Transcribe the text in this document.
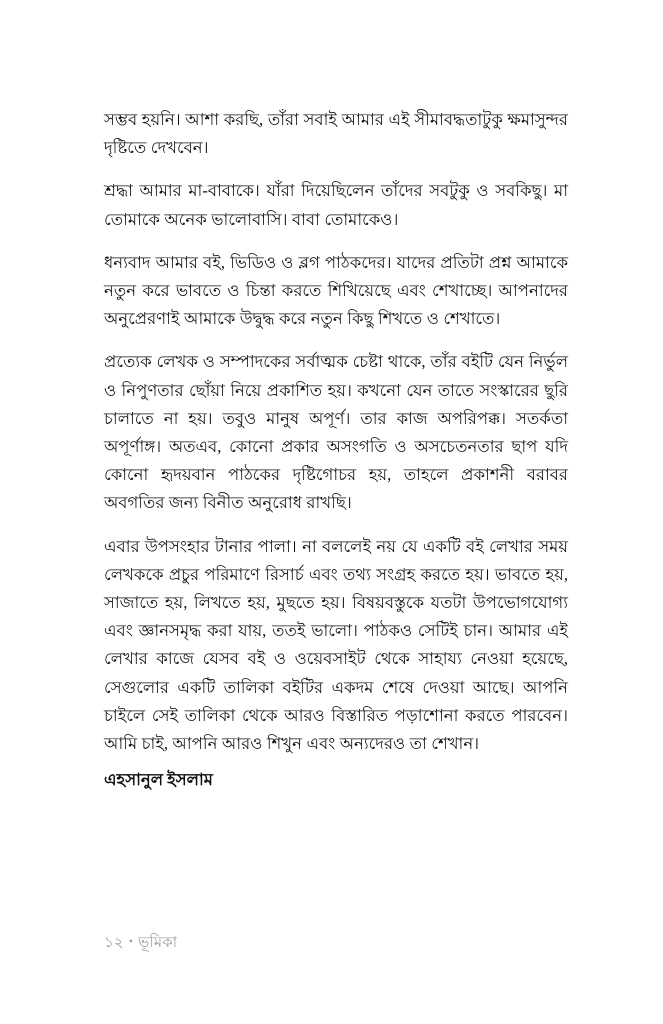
সম্ভব হয়নি। আশা করছি, তাঁরা সবাই আমার এই সীমাবদ্ধতাটুকু ক্ষমাসুন্দর দৃষ্টিতে দেখবেন।

শ্রদ্ধা আমার মা-বাবাকে। যাঁরা দিয়েছিলেন তাঁদের সবটুকু ও সবকিছু। মা তোমাকে অনেক ভালোবাসি। বাবা তোমাকেও।

ধন্যবাদ আমার বই, ভিডিও ও ব্লগ পাঠকদের। যাদের প্রতিটা প্রশ্ন আমাকে নতুন করে ভাবতে ও চিন্তা করতে শিখিয়েছে এবং শেখাচ্ছে। আপনাদের অনুপ্রেরণাই আমাকে উদ্বুদ্ধ করে নতুন কিছু শিখতে ও শেখাতে।

প্রত্যেক লেখক ও সম্পাদকের সর্বাত্মক চেষ্টা থাকে, তাঁর বইটি যেন নির্ভুল ও নিপুণতার ছোঁয়া নিয়ে প্রকাশিত হয়। কখনো যেন তাতে সংস্কারের ছুরি চালাতে না হয়। তবুও মানুষ অপূর্ণ। তার কাজ অপরিপক্ক। সতর্কতা অপূর্ণাঙ্গ। অতএব, কোনো প্রকার অসংগতি ও অসচেতনতার ছাপ যদি কোনো হৃদয়বান পাঠকের দৃষ্টিগোচর হয়, তাহলে প্রকাশনী বরাবর অবগতির জন্য বিনীত অনুরোধ রাখছি।

এবার উপসংহার টানার পালা। না বললেই নয় যে একটি বই লেখার সময় লেখককে প্রচুর পরিমাণে রিসার্চ এবং তথ্য সংগ্রহ করতে হয়। ভাবতে হয়, সাজাতে হয়, লিখতে হয়, মুছতে হয়। বিষয়বস্তুকে যতটা উপভোগযোগ্য এবং জ্ঞানসমৃদ্ধ করা যায়, ততই ভালো। পাঠকও সেটিই চান। আমার এই লেখার কাজে যেসব বই ও ওয়েবসাইট থেকে সাহায্য নেওয়া হয়েছে, সেগুলোর একটি তালিকা বইটির একদম শেষে দেওয়া আছে। আপনি চাইলে সেই তালিকা থেকে আরও বিস্তারিত পড়াশোনা করতে পারবেন। আমি চাই, আপনি আরও শিখুন এবং অন্যদেরও তা শেখান।

এহসানুল ইসলাম
১২ • ভূমিকা
